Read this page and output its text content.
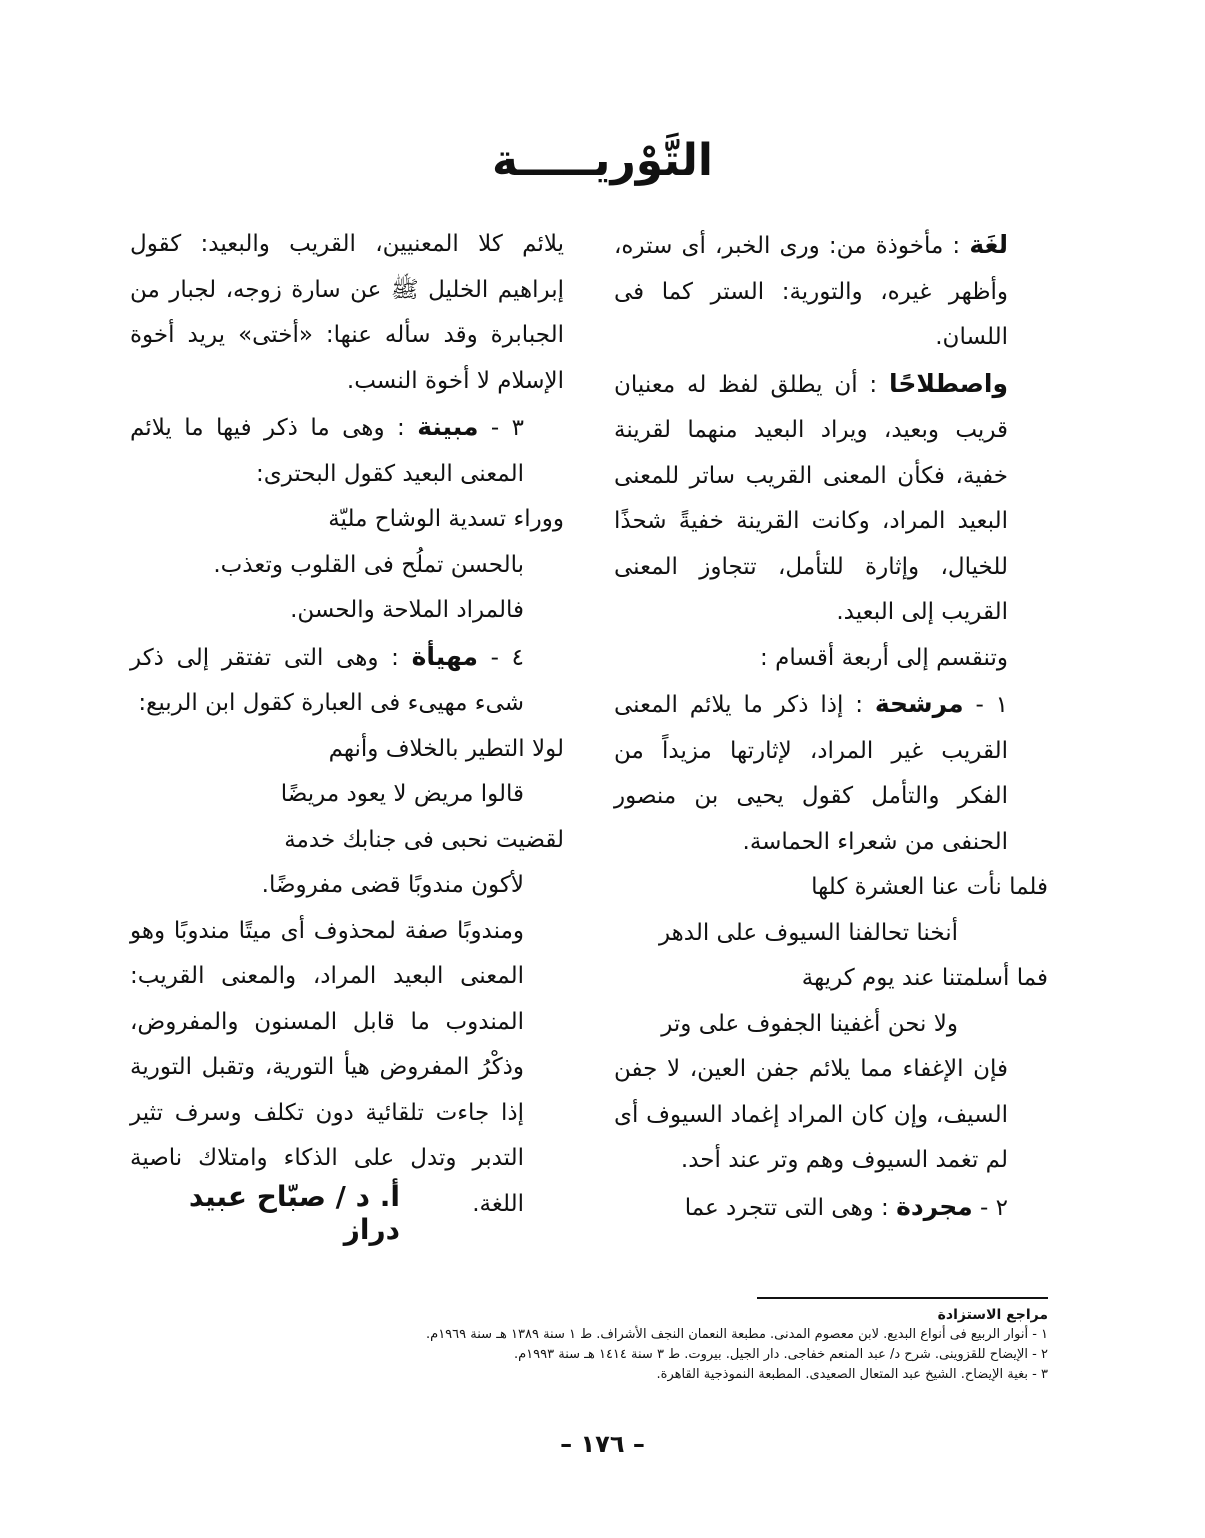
التَّوْريـــــة

لغَة : مأخوذة من: ورى الخبر، أى ستره، وأظهر غيره، والتورية: الستر كما فى اللسان.

واصطلاحًا : أن يطلق لفظ له معنيان قريب وبعيد، ويراد البعيد منهما لقرينة خفية، فكأن المعنى القريب ساتر للمعنى البعيد المراد، وكانت القرينة خفيةً شحذًا للخيال، وإثارة للتأمل، تتجاوز المعنى القريب إلى البعيد.

وتنقسم إلى أربعة أقسام :

١ - مرشحة : إذا ذكر ما يلائم المعنى القريب غير المراد، لإثارتها مزيداً من الفكر والتأمل كقول يحيى بن منصور الحنفى من شعراء الحماسة.

فلما نأت عنا العشرة كلها

أنخنا تحالفنا السيوف على الدهر

فما أسلمتنا عند يوم كريهة

ولا نحن أغفينا الجفوف على وتر

فإن الإغفاء مما يلائم جفن العين، لا جفن السيف، وإن كان المراد إغماد السيوف أى لم تغمد السيوف وهم وتر عند أحد.

٢ - مجردة : وهى التى تتجرد عما

يلائم كلا المعنيين، القريب والبعيد: كقول إبراهيم الخليل ﷺ عن سارة زوجه، لجبار من الجبابرة وقد سأله عنها: «أختى» يريد أخوة الإسلام لا أخوة النسب.

٣ - مبينة : وهى ما ذكر فيها ما يلائم المعنى البعيد كقول البحترى:

ووراء تسدية الوشاح مليّة

بالحسن تملُح فى القلوب وتعذب.

فالمراد الملاحة والحسن.

٤ - مهيأة : وهى التى تفتقر إلى ذكر شىء مهيىء فى العبارة كقول ابن الربيع:

لولا التطير بالخلاف وأنهم

قالوا مريض لا يعود مريضًا

لقضيت نحبى فى جنابك خدمة

لأكون مندوبًا قضى مفروضًا.

ومندوبًا صفة لمحذوف أى ميتًا مندوبًا وهو المعنى البعيد المراد، والمعنى القريب: المندوب ما قابل المسنون والمفروض، وذكْرُ المفروض هيأ التورية، وتقبل التورية إذا جاءت تلقائية دون تكلف وسرف تثير التدبر وتدل على الذكاء وامتلاك ناصية اللغة.

أ. د / صبّاح عبيد دراز

مراجع الاستزادة

١ - أنوار الربيع فى أنواع البديع. لابن معصوم المدنى. مطبعة النعمان النجف الأشراف. ط ١ سنة ١٣٨٩ هـ سنة ١٩٦٩م.

٢ - الإيضاح للقزوينى. شرح د/ عبد المنعم خفاجى. دار الجيل. بيروت. ط ٣ سنة ١٤١٤ هـ سنة ١٩٩٣م.

٣ - بغية الإيضاح. الشيخ عبد المتعال الصعيدى. المطبعة النموذجية القاهرة.

– ١٧٦ –
